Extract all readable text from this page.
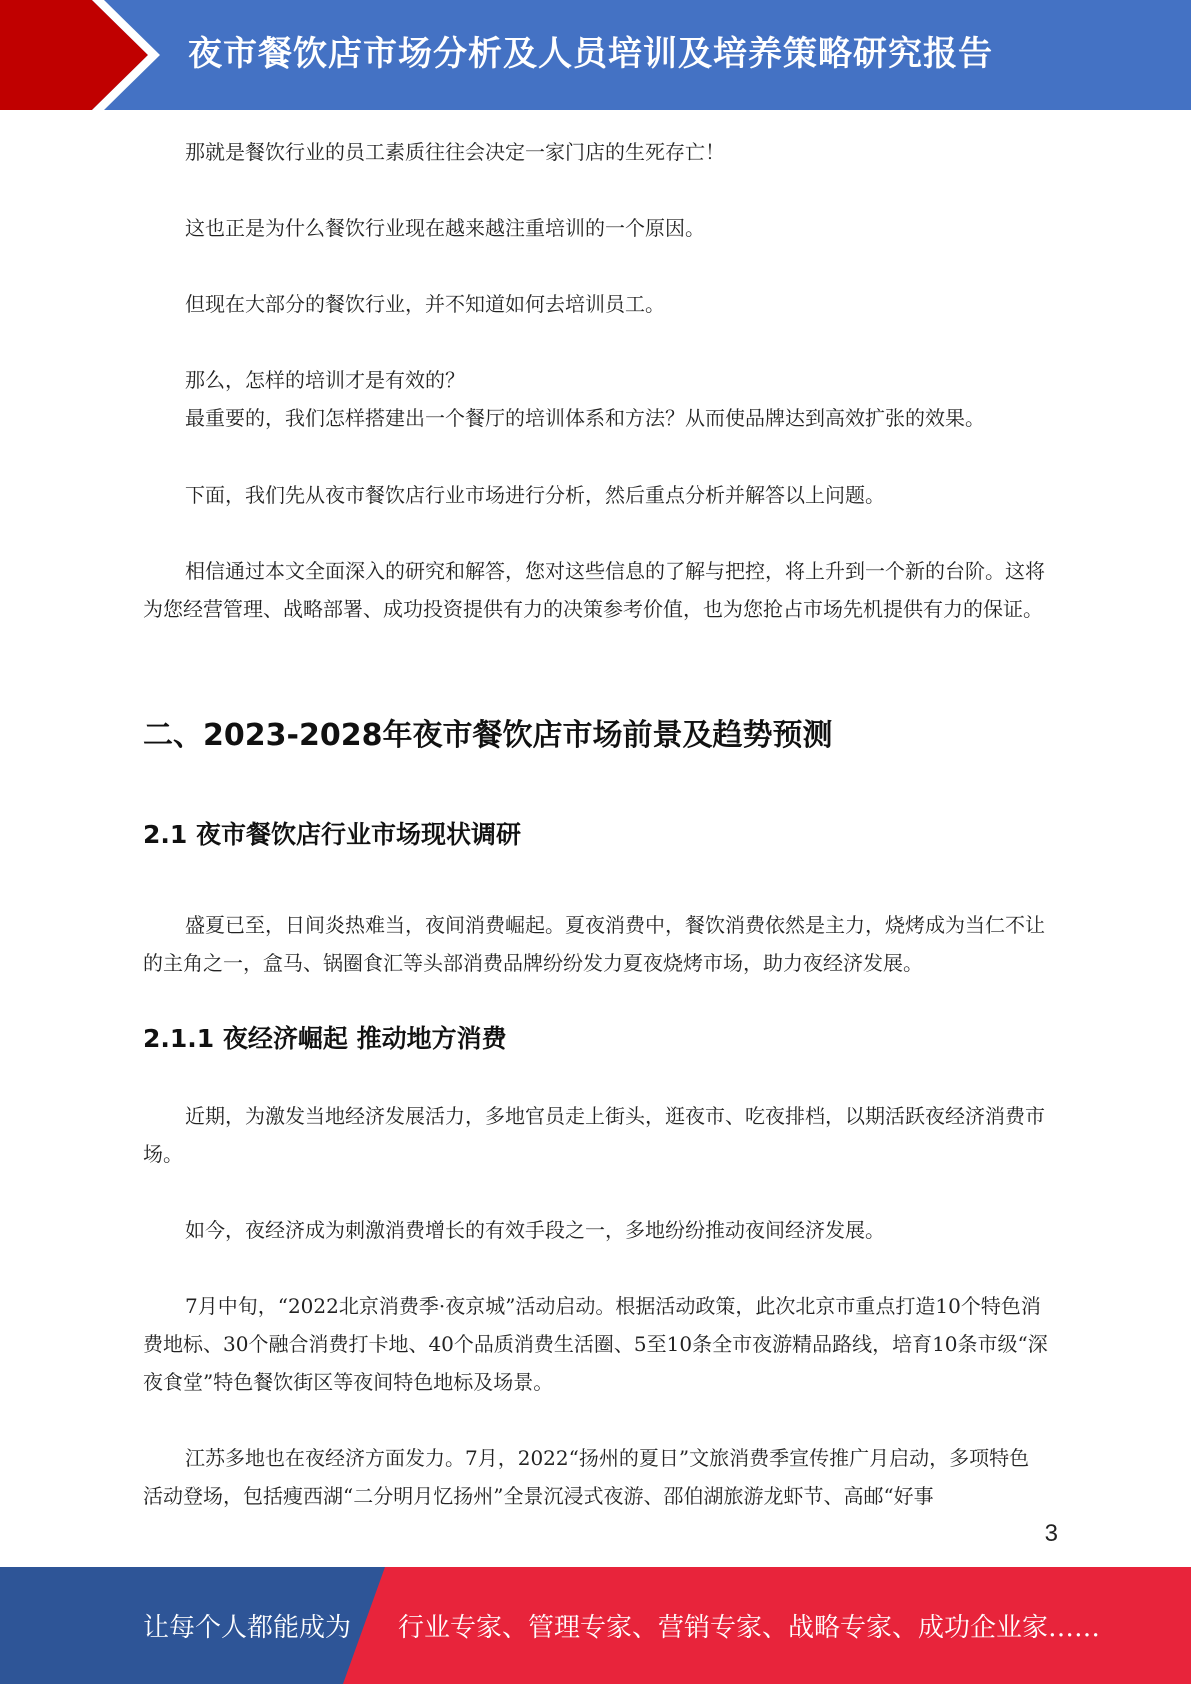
夜市餐饮店市场分析及人员培训及培养策略研究报告

那就是餐饮行业的员工素质往往会决定一家门店的生死存亡！

这也正是为什么餐饮行业现在越来越注重培训的一个原因。

但现在大部分的餐饮行业，并不知道如何去培训员工。

那么，怎样的培训才是有效的？

最重要的，我们怎样搭建出一个餐厅的培训体系和方法？从而使品牌达到高效扩张的效果。

下面，我们先从夜市餐饮店行业市场进行分析，然后重点分析并解答以上问题。

相信通过本文全面深入的研究和解答，您对这些信息的了解与把控，将上升到一个新的台阶。这将为您经营管理、战略部署、成功投资提供有力的决策参考价值，也为您抢占市场先机提供有力的保证。

二、2023-2028年夜市餐饮店市场前景及趋势预测
2.1 夜市餐饮店行业市场现状调研

盛夏已至，日间炎热难当，夜间消费崛起。夏夜消费中，餐饮消费依然是主力，烧烤成为当仁不让的主角之一，盒马、锅圈食汇等头部消费品牌纷纷发力夏夜烧烤市场，助力夜经济发展。

2.1.1 夜经济崛起 推动地方消费

近期，为激发当地经济发展活力，多地官员走上街头，逛夜市、吃夜排档，以期活跃夜经济消费市场。

如今，夜经济成为刺激消费增长的有效手段之一，多地纷纷推动夜间经济发展。

7月中旬，“2022北京消费季·夜京城”活动启动。根据活动政策，此次北京市重点打造10个特色消费地标、30个融合消费打卡地、40个品质消费生活圈、5至10条全市夜游精品路线，培育10条市级“深夜食堂”特色餐饮街区等夜间特色地标及场景。

江苏多地也在夜经济方面发力。7月，2022“扬州的夏日”文旅消费季宣传推广月启动，多项特色活动登场，包括瘦西湖“二分明月忆扬州”全景沉浸式夜游、邵伯湖旅游龙虾节、高邮“好事

3
让每个人都能成为 行业专家、管理专家、营销专家、战略专家、成功企业家……
